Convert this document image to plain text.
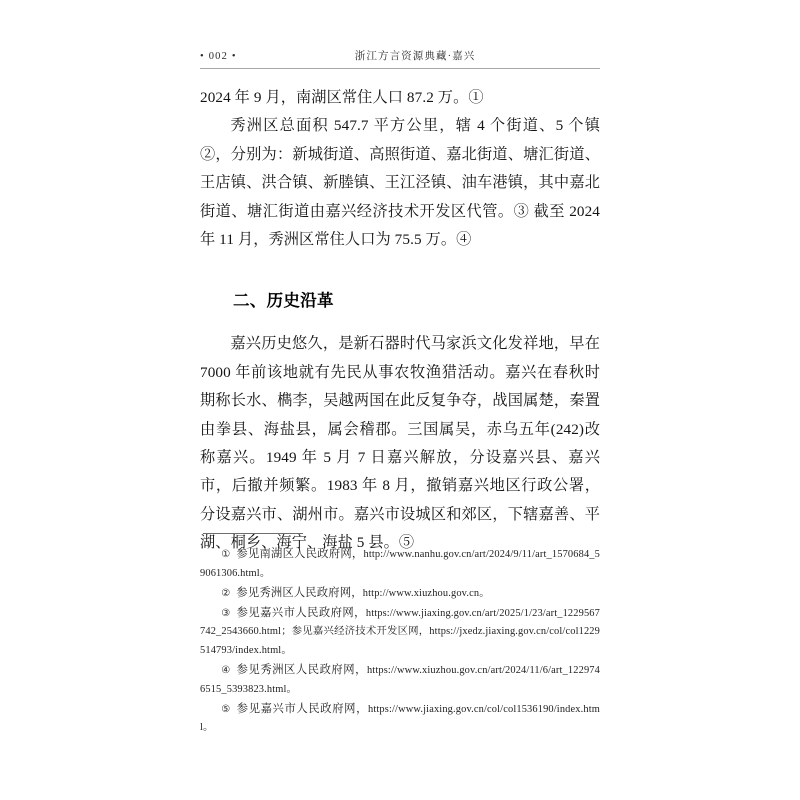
• 002 •	浙江方言资源典藏·嘉兴

2024 年 9 月，南湖区常住人口 87.2 万。①

秀洲区总面积 547.7 平方公里，辖 4 个街道、5 个镇②，分别为：新城街道、高照街道、嘉北街道、塘汇街道、王店镇、洪合镇、新塍镇、王江泾镇、油车港镇，其中嘉北街道、塘汇街道由嘉兴经济技术开发区代管。③ 截至 2024 年 11 月，秀洲区常住人口为 75.5 万。④

二、历史沿革

嘉兴历史悠久，是新石器时代马家浜文化发祥地，早在 7000 年前该地就有先民从事农牧渔猎活动。嘉兴在春秋时期称长水、檇李，吴越两国在此反复争夺，战国属楚，秦置由拳县、海盐县，属会稽郡。三国属吴，赤乌五年(242)改称嘉兴。1949 年 5 月 7 日嘉兴解放，分设嘉兴县、嘉兴市，后撤并频繁。1983 年 8 月，撤销嘉兴地区行政公署，分设嘉兴市、湖州市。嘉兴市设城区和郊区，下辖嘉善、平湖、桐乡、海宁、海盐 5 县。⑤

① 参见南湖区人民政府网，http://www.nanhu.gov.cn/art/2024/9/11/art_1570684_59061306.html。

② 参见秀洲区人民政府网，http://www.xiuzhou.gov.cn。

③ 参见嘉兴市人民政府网，https://www.jiaxing.gov.cn/art/2025/1/23/art_1229567742_2543660.html；参见嘉兴经济技术开发区网，https://jxedz.jiaxing.gov.cn/col/col1229514793/index.html。

④ 参见秀洲区人民政府网，https://www.xiuzhou.gov.cn/art/2024/11/6/art_1229746515_5393823.html。

⑤ 参见嘉兴市人民政府网，https://www.jiaxing.gov.cn/col/col1536190/index.html。
